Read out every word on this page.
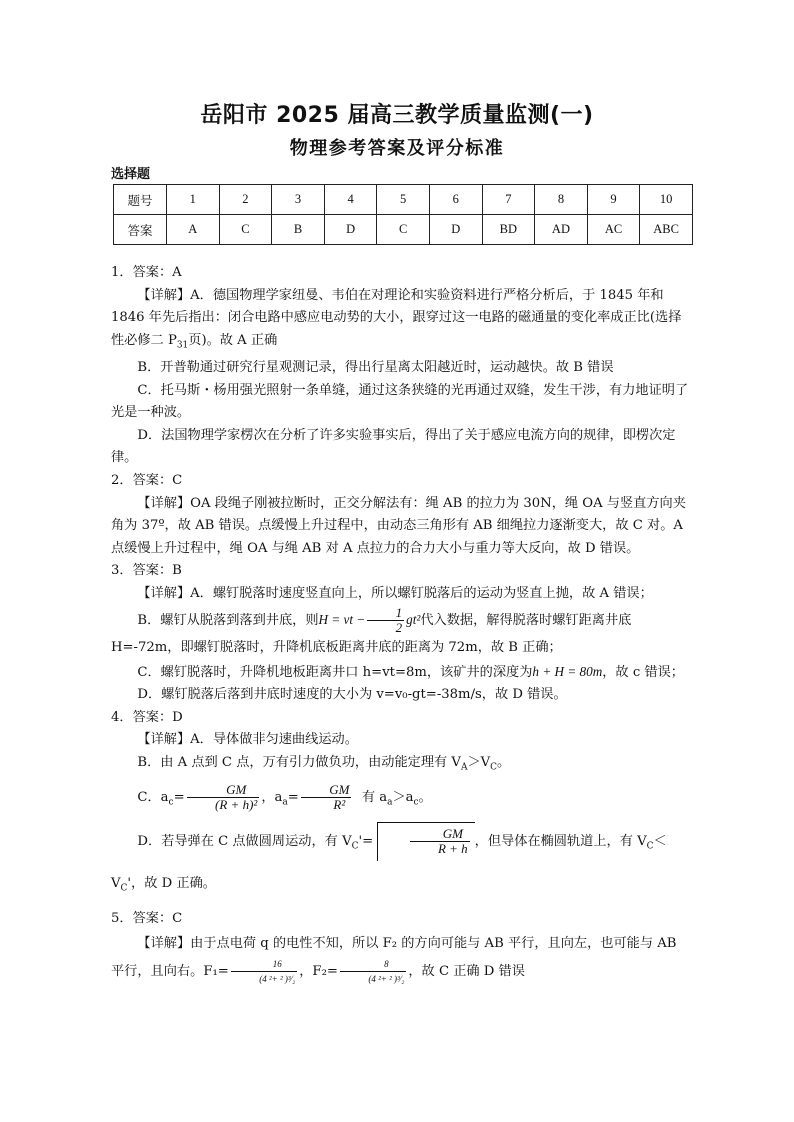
岳阳市 2025 届高三教学质量监测(一)
物理参考答案及评分标准
选择题
题号	1	2	3	4	5	6	7	8	9	10
答案	A	C	B	D	C	D	BD	AD	AC	ABC

1．答案：A

【详解】A．德国物理学家纽曼、韦伯在对理论和实验资料进行严格分析后，于 1845 年和 1846 年先后指出：闭合电路中感应电动势的大小，跟穿过这一电路的磁通量的变化率成正比(选择性必修二 $P_{31}$页)。故 A 正确

B．开普勒通过研究行星观测记录，得出行星离太阳越近时，运动越快。故 B 错误

C．托马斯・杨用强光照射一条单缝，通过这条狭缝的光再通过双缝，发生干涉，有力地证明了光是一种波。

D．法国物理学家楞次在分析了许多实验事实后，得出了关于感应电流方向的规律，即楞次定律。

2．答案：C

【详解】OA 段绳子刚被拉断时，正交分解法有：绳 AB 的拉力为 30N，绳 OA 与竖直方向夹角为 37º，故 AB 错误。点缓慢上升过程中，由动态三角形有 AB 细绳拉力逐渐变大，故 C 对。A 点缓慢上升过程中，绳 OA 与绳 AB 对 A 点拉力的合力大小与重力等大反向，故 D 错误。

3．答案：B

【详解】A．螺钉脱落时速度竖直向上，所以螺钉脱落后的运动为竖直上抛，故 A 错误；

B．螺钉从脱落到落到井底，则H = vt − $\frac{1}{2} gt^2$代入数据，解得脱落时螺钉距离井底 H=-72m，即螺钉脱落时，升降机底板距离井底的距离为 72m，故 B 正确；

C．螺钉脱落时，升降机地板距离井口 h=vt=8m，该矿井的深度为h + H = 80m，故 c 错误；

D．螺钉脱落后落到井底时速度的大小为 v=v₀-gt=-38m/s，故 D 错误。

4．答案：D

【详解】A．导体做非匀速曲线运动。

B．由 A 点到 C 点，万有引力做负功，由动能定理有 $V_A>V_C$。

C．$a_c= \frac{GM}{\text{(R + h)²}}$ ，$a_a= \frac{GM}{\text{R²}}$ 有 $a_a>a_c$。

D．若导弹在 C 点做圆周运动，有 $V_C'=$	$\frac{GM}{R + h}$ ，但导体在椭圆轨道上，有 $V_C<V_C'$，故 D 正确。

5．答案：C

【详解】由于点电荷 q 的电性不知，所以 F₂ 的方向可能与 AB 平行，且向左，也可能与 AB 平行，且向右。$F_1= \frac{16}{\text{(4 ²+ ² )³⁄₂}}$ ，$F_2= \frac{8}{\text{(4 ²+ ² )³⁄₂}}$ ，故 C 正确 D 错误
